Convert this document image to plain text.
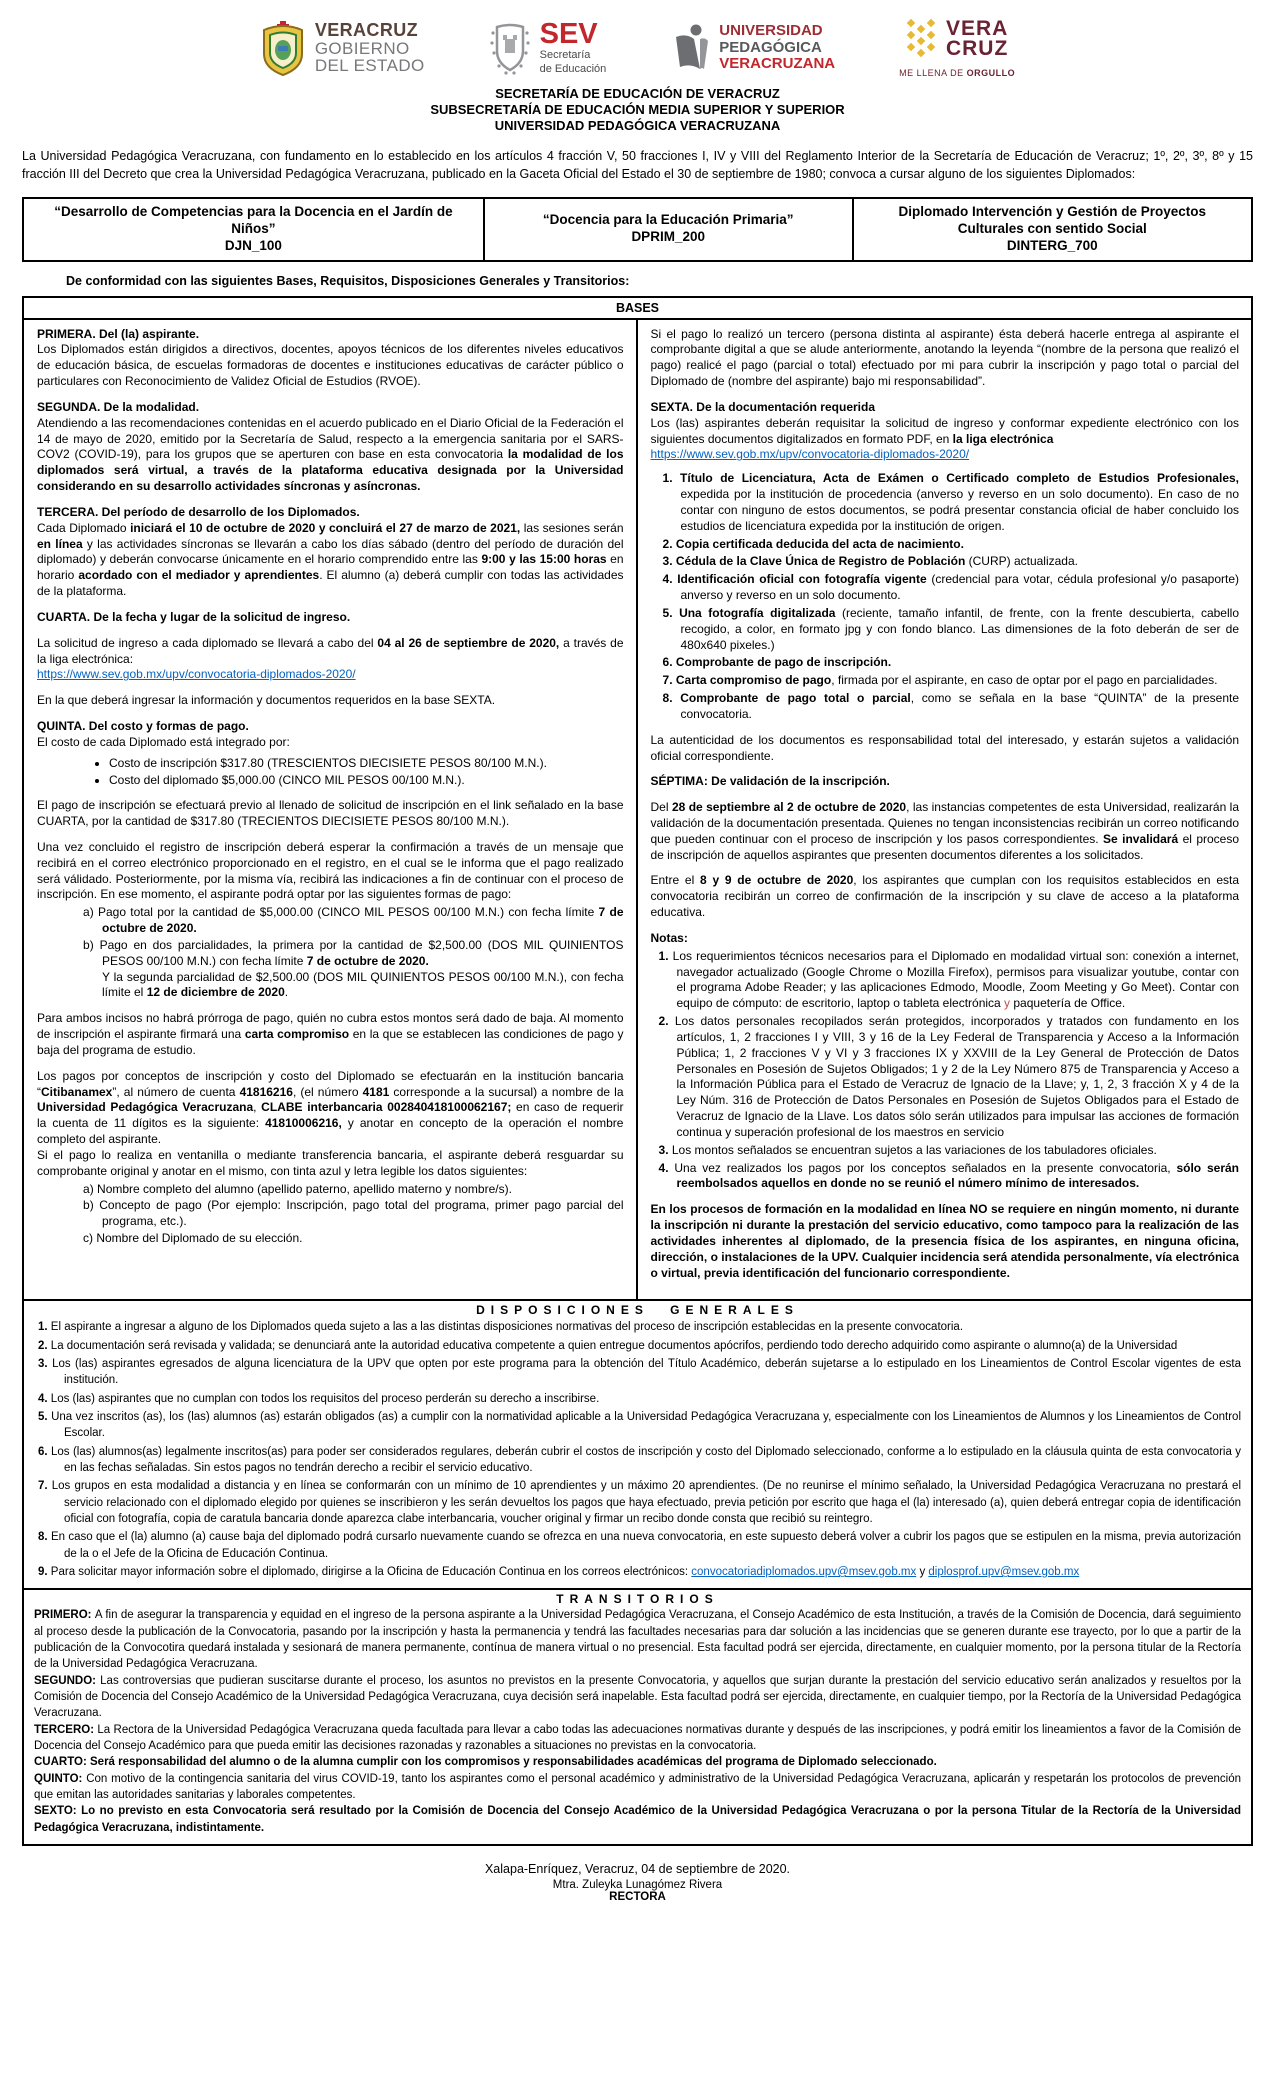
VERACRUZ
GOBIERNO
DEL ESTADO
SEV
Secretaría
de Educación
UNIVERSIDAD
PEDAGÓGICA
VERACRUZANA
VERA
CRUZ
ME LLENA DE ORGULLO
SECRETARÍA DE EDUCACIÓN DE VERACRUZ
SUBSECRETARÍA DE EDUCACIÓN MEDIA SUPERIOR Y SUPERIOR
UNIVERSIDAD PEDAGÓGICA VERACRUZANA

La Universidad Pedagógica Veracruzana, con fundamento en lo establecido en los artículos 4 fracción V, 50 fracciones I, IV y VIII del Reglamento Interior de la Secretaría de Educación de Veracruz; 1º, 2º, 3º, 8º y 15 fracción III del Decreto que crea la Universidad Pedagógica Veracruzana, publicado en la Gaceta Oficial del Estado el 30 de septiembre de 1980; convoca a cursar alguno de los siguientes Diplomados:

“Desarrollo de Competencias para la Docencia en el Jardín de Niños”
DJN_100

“Docencia para la Educación Primaria”
DPRIM_200

Diplomado Intervención y Gestión de Proyectos Culturales con sentido Social
DINTERG_700
De conformidad con las siguientes Bases, Requisitos, Disposiciones Generales y Transitorios:
BASES
PRIMERA. Del (la) aspirante.
Los Diplomados están dirigidos a directivos, docentes, apoyos técnicos de los diferentes niveles educativos de educación básica, de escuelas formadoras de docentes e instituciones educativas de carácter público o particulares con Reconocimiento de Validez Oficial de Estudios (RVOE).
SEGUNDA. De la modalidad.
Atendiendo a las recomendaciones contenidas en el acuerdo publicado en el Diario Oficial de la Federación el 14 de mayo de 2020, emitido por la Secretaría de Salud, respecto a la emergencia sanitaria por el SARS-COV2 (COVID-19), para los grupos que se aperturen con base en esta convocatoria la modalidad de los diplomados será virtual, a través de la plataforma educativa designada por la Universidad considerando en su desarrollo actividades síncronas y asíncronas.
TERCERA. Del período de desarrollo de los Diplomados.
Cada Diplomado iniciará el 10 de octubre de 2020 y concluirá el 27 de marzo de 2021, las sesiones serán en línea y las actividades síncronas se llevarán a cabo los días sábado (dentro del período de duración del diplomado) y deberán convocarse únicamente en el horario comprendido entre las 9:00 y las 15:00 horas en horario acordado con el mediador y aprendientes. El alumno (a) deberá cumplir con todas las actividades de la plataforma.
CUARTA. De la fecha y lugar de la solicitud de ingreso.
La solicitud de ingreso a cada diplomado se llevará a cabo del 04 al 26 de septiembre de 2020, a través de la liga electrónica:
https://www.sev.gob.mx/upv/convocatoria-diplomados-2020/
En la que deberá ingresar la información y documentos requeridos en la base SEXTA.
QUINTA. Del costo y formas de pago.
El costo de cada Diplomado está integrado por:
• Costo de inscripción $317.80 (TRESCIENTOS DIECISIETE PESOS 80/100 M.N.).
• Costo del diplomado $5,000.00 (CINCO MIL PESOS 00/100 M.N.).
El pago de inscripción se efectuará previo al llenado de solicitud de inscripción en el link señalado en la base CUARTA, por la cantidad de $317.80 (TRECIENTOS DIECISIETE PESOS 80/100 M.N.).
Una vez concluido el registro de inscripción deberá esperar la confirmación a través de un mensaje que recibirá en el correo electrónico proporcionado en el registro, en el cual se le informa que el pago realizado será válidado. Posteriormente, por la misma vía, recibirá las indicaciones a fin de continuar con el proceso de inscripción. En ese momento, el aspirante podrá optar por las siguientes formas de pago:
Pago total por la cantidad de $5,000.00 (CINCO MIL PESOS 00/100 M.N.) con fecha límite 7 de octubre de 2020.
Pago en dos parcialidades, la primera por la cantidad de $2,500.00 (DOS MIL QUINIENTOS PESOS 00/100 M.N.) con fecha límite 7 de octubre de 2020.
Y la segunda parcialidad de $2,500.00 (DOS MIL QUINIENTOS PESOS 00/100 M.N.), con fecha límite el 12 de diciembre de 2020.
Para ambos incisos no habrá prórroga de pago, quién no cubra estos montos será dado de baja. Al momento de inscripción el aspirante firmará una carta compromiso en la que se establecen las condiciones de pago y baja del programa de estudio.
Los pagos por conceptos de inscripción y costo del Diplomado se efectuarán en la institución bancaria “Citibanamex”, al número de cuenta 41816216, (el número 4181 corresponde a la sucursal) a nombre de la Universidad Pedagógica Veracruzana, CLABE interbancaria 002840418100062167; en caso de requerir la cuenta de 11 dígitos es la siguiente: 41810006216, y anotar en concepto de la operación el nombre completo del aspirante.
Si el pago lo realiza en ventanilla o mediante transferencia bancaria, el aspirante deberá resguardar su comprobante original y anotar en el mismo, con tinta azul y letra legible los datos siguientes:
Nombre completo del alumno (apellido paterno, apellido materno y nombre/s).
Concepto de pago (Por ejemplo: Inscripción, pago total del programa, primer pago parcial del programa, etc.).
Nombre del Diplomado de su elección.
Si el pago lo realizó un tercero (persona distinta al aspirante) ésta deberá hacerle entrega al aspirante el comprobante digital a que se alude anteriormente, anotando la leyenda “(nombre de la persona que realizó el pago) realicé el pago (parcial o total) efectuado por mi para cubrir la inscripción y pago total o parcial del Diplomado de (nombre del aspirante) bajo mi responsabilidad”.
SEXTA. De la documentación requerida
Los (las) aspirantes deberán requisitar la solicitud de ingreso y conformar expediente electrónico con los siguientes documentos digitalizados en formato PDF, en la liga electrónica
https://www.sev.gob.mx/upv/convocatoria-diplomados-2020/
Título de Licenciatura, Acta de Exámen o Certificado completo de Estudios Profesionales, expedida por la institución de procedencia (anverso y reverso en un solo documento). En caso de no contar con ninguno de estos documentos, se podrá presentar constancia oficial de haber concluido los estudios de licenciatura expedida por la institución de origen.
Copia certificada deducida del acta de nacimiento.
Cédula de la Clave Única de Registro de Población (CURP) actualizada.
Identificación oficial con fotografía vigente (credencial para votar, cédula profesional y/o pasaporte) anverso y reverso en un solo documento.
Una fotografía digitalizada (reciente, tamaño infantil, de frente, con la frente descubierta, cabello recogido, a color, en formato jpg y con fondo blanco. Las dimensiones de la foto deberán de ser de 480x640 pixeles.)
Comprobante de pago de inscripción.
Carta compromiso de pago, firmada por el aspirante, en caso de optar por el pago en parcialidades.
Comprobante de pago total o parcial, como se señala en la base “QUINTA” de la presente convocatoria.
La autenticidad de los documentos es responsabilidad total del interesado, y estarán sujetos a validación oficial correspondiente.
SÉPTIMA: De validación de la inscripción.
Del 28 de septiembre al 2 de octubre de 2020, las instancias competentes de esta Universidad, realizarán la validación de la documentación presentada. Quienes no tengan inconsistencias recibirán un correo notificando que pueden continuar con el proceso de inscripción y los pasos correspondientes. Se invalidará el proceso de inscripción de aquellos aspirantes que presenten documentos diferentes a los solicitados.
Entre el 8 y 9 de octubre de 2020, los aspirantes que cumplan con los requisitos establecidos en esta convocatoria recibirán un correo de confirmación de la inscripción y su clave de acceso a la plataforma educativa.
Notas:
Los requerimientos técnicos necesarios para el Diplomado en modalidad virtual son: conexión a internet, navegador actualizado (Google Chrome o Mozilla Firefox), permisos para visualizar youtube, contar con el programa Adobe Reader; y las aplicaciones Edmodo, Moodle, Zoom Meeting y Go Meet). Contar con equipo de cómputo: de escritorio, laptop o tableta electrónica y paquetería de Office.
Los datos personales recopilados serán protegidos, incorporados y tratados con fundamento en los artículos, 1, 2 fracciones I y VIII, 3 y 16 de la Ley Federal de Transparencia y Acceso a la Información Pública; 1, 2 fracciones V y VI y 3 fracciones IX y XXVIII de la Ley General de Protección de Datos Personales en Posesión de Sujetos Obligados; 1 y 2 de la Ley Número 875 de Transparencia y Acceso a la Información Pública para el Estado de Veracruz de Ignacio de la Llave; y, 1, 2, 3 fracción X y 4 de la Ley Núm. 316 de Protección de Datos Personales en Posesión de Sujetos Obligados para el Estado de Veracruz de Ignacio de la Llave. Los datos sólo serán utilizados para impulsar las acciones de formación continua y superación profesional de los maestros en servicio
Los montos señalados se encuentran sujetos a las variaciones de los tabuladores oficiales.
Una vez realizados los pagos por los conceptos señalados en la presente convocatoria, sólo serán reembolsados aquellos en donde no se reunió el número mínimo de interesados.
En los procesos de formación en la modalidad en línea NO se requiere en ningún momento, ni durante la inscripción ni durante la prestación del servicio educativo, como tampoco para la realización de las actividades inherentes al diplomado, de la presencia física de los aspirantes, en ninguna oficina, dirección, o instalaciones de la UPV. Cualquier incidencia será atendida personalmente, vía electrónica o virtual, previa identificación del funcionario correspondiente.
DISPOSICIONES GENERALES
El aspirante a ingresar a alguno de los Diplomados queda sujeto a las a las distintas disposiciones normativas del proceso de inscripción establecidas en la presente convocatoria.
La documentación será revisada y validada; se denunciará ante la autoridad educativa competente a quien entregue documentos apócrifos, perdiendo todo derecho adquirido como aspirante o alumno(a) de la Universidad
Los (las) aspirantes egresados de alguna licenciatura de la UPV que opten por este programa para la obtención del Título Académico, deberán sujetarse a lo estipulado en los Lineamientos de Control Escolar vigentes de esta institución.
Los (las) aspirantes que no cumplan con todos los requisitos del proceso perderán su derecho a inscribirse.
Una vez inscritos (as), los (las) alumnos (as) estarán obligados (as) a cumplir con la normatividad aplicable a la Universidad Pedagógica Veracruzana y, especialmente con los Lineamientos de Alumnos y los Lineamientos de Control Escolar.
Los (las) alumnos(as) legalmente inscritos(as) para poder ser considerados regulares, deberán cubrir el costos de inscripción y costo del Diplomado seleccionado, conforme a lo estipulado en la cláusula quinta de esta convocatoria y en las fechas señaladas. Sin estos pagos no tendrán derecho a recibir el servicio educativo.
Los grupos en esta modalidad a distancia y en línea se conformarán con un mínimo de 10 aprendientes y un máximo 20 aprendientes. (De no reunirse el mínimo señalado, la Universidad Pedagógica Veracruzana no prestará el servicio relacionado con el diplomado elegido por quienes se inscribieron y les serán devueltos los pagos que haya efectuado, previa petición por escrito que haga el (la) interesado (a), quien deberá entregar copia de identificación oficial con fotografía, copia de caratula bancaria donde aparezca clabe interbancaria, voucher original y firmar un recibo donde consta que recibió su reintegro.
En caso que el (la) alumno (a) cause baja del diplomado podrá cursarlo nuevamente cuando se ofrezca en una nueva convocatoria, en este supuesto deberá volver a cubrir los pagos que se estipulen en la misma, previa autorización de la o el Jefe de la Oficina de Educación Continua.
Para solicitar mayor información sobre el diplomado, dirigirse a la Oficina de Educación Continua en los correos electrónicos: convocatoriadiplomados.upv@msev.gob.mx y diplosprof.upv@msev.gob.mx
TRANSITORIOS
PRIMERO: A fin de asegurar la transparencia y equidad en el ingreso de la persona aspirante a la Universidad Pedagógica Veracruzana, el Consejo Académico de esta Institución, a través de la Comisión de Docencia, dará seguimiento al proceso desde la publicación de la Convocatoria, pasando por la inscripción y hasta la permanencia y tendrá las facultades necesarias para dar solución a las incidencias que se generen durante ese trayecto, por lo que a partir de la publicación de la Convocotira quedará instalada y sesionará de manera permanente, contínua de manera virtual o no presencial. Esta facultad podrá ser ejercida, directamente, en cualquier momento, por la persona titular de la Rectoría de la Universidad Pedagógica Veracruzana.
SEGUNDO: Las controversias que pudieran suscitarse durante el proceso, los asuntos no previstos en la presente Convocatoria, y aquellos que surjan durante la prestación del servicio educativo serán analizados y resueltos por la Comisión de Docencia del Consejo Académico de la Universidad Pedagógica Veracruzana, cuya decisión será inapelable. Esta facultad podrá ser ejercida, directamente, en cualquier tiempo, por la Rectoría de la Universidad Pedagógica Veracruzana.
TERCERO: La Rectora de la Universidad Pedagógica Veracruzana queda facultada para llevar a cabo todas las adecuaciones normativas durante y después de las inscripciones, y podrá emitir los lineamientos a favor de la Comisión de Docencia del Consejo Académico para que pueda emitir las decisiones razonadas y razonables a situaciones no previstas en la convocatoria.
CUARTO: Será responsabilidad del alumno o de la alumna cumplir con los compromisos y responsabilidades académicas del programa de Diplomado seleccionado.
QUINTO: Con motivo de la contingencia sanitaria del virus COVID-19, tanto los aspirantes como el personal académico y administrativo de la Universidad Pedagógica Veracruzana, aplicarán y respetarán los protocolos de prevención que emitan las autoridades sanitarias y laborales competentes.
SEXTO: Lo no previsto en esta Convocatoria será resultado por la Comisión de Docencia del Consejo Académico de la Universidad Pedagógica Veracruzana o por la persona Titular de la Rectoría de la Universidad Pedagógica Veracruzana, indistintamente.
Xalapa-Enríquez, Veracruz, 04 de septiembre de 2020.
Mtra. Zuleyka Lunagómez Rivera
RECTORA
